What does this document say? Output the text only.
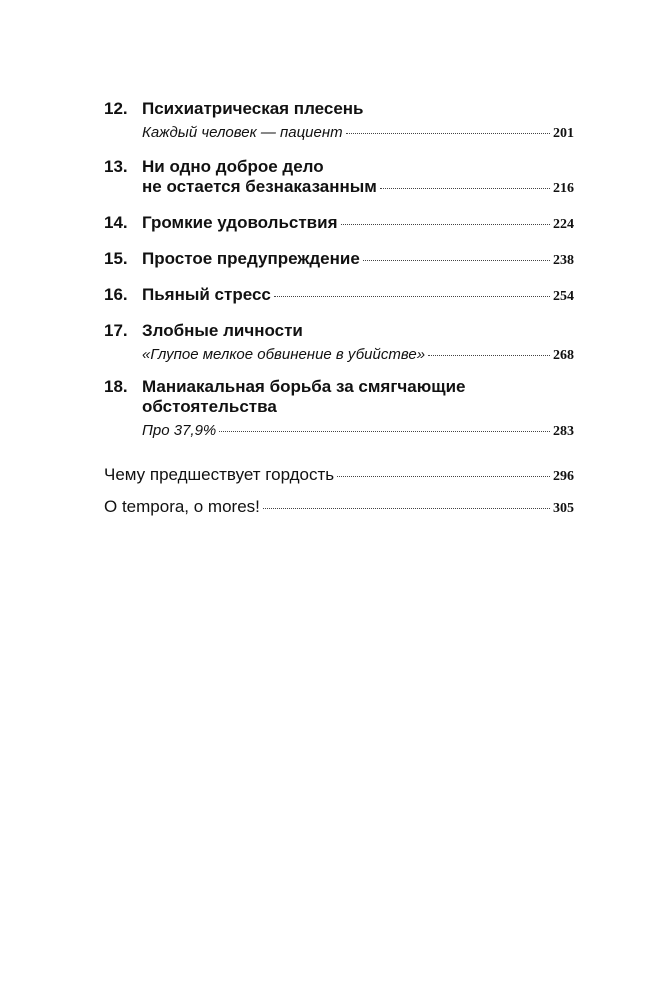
12. Психиатрическая плесень
Каждый человек — пациент	201
13. Ни одно доброе дело
не остается безнаказанным	216
14. Громкие удовольствия	224
15. Простое предупреждение	238
16. Пьяный стресс	254
17. Злобные личности
«Глупое мелкое обвинение в убийстве»	268
18. Маниакальная борьба за смягчающие
обстоятельства
Про 37,9%	283
Чему предшествует гордость	296
O tempora, o mores!	305
